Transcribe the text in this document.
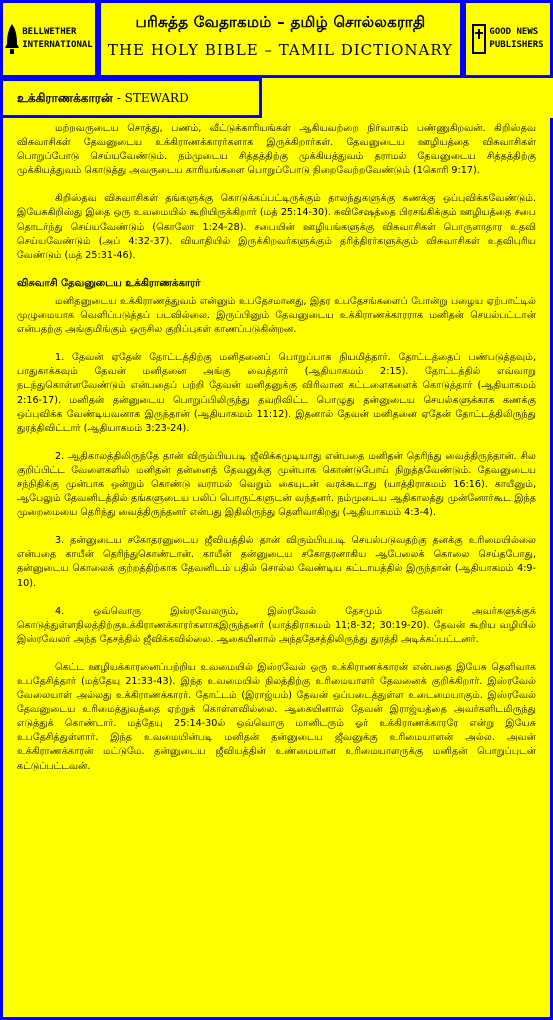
BELLWETHER
INTERNATIONAL
பரிசுத்த வேதாகமம் – தமிழ் சொல்லகராதி
THE HOLY BIBLE – TAMIL DICTIONARY
GOOD NEWS
PUBLISHERS
உக்கிராணக்காரன் - STEWARD

மற்றவருடைய சொத்து, பணம், வீட்டுக்காரியங்கள் ஆகியவற்றை நிர்வாகம் பண்ணுகிறவன். கிறிஸ்தவ விசுவாசிகள் தேவனுடைய உக்கிராணக்காரர்களாக இருக்கிறார்கள். தேவனுடைய ஊழியத்தை விசுவாசிகள் பொறுப்போடு செய்யவேண்டும். நம்முடைய சித்தத்திற்கு முக்கியத்துவம் தராமல் தேவனுடைய சித்தத்திற்கு முக்கியத்துவம் கொடுத்து அவருடைய காரியங்களை பொறுப்போடு நிறைவேற்றவேண்டும் (1கொரி 9:17).

கிறிஸ்தவ விசுவாசிகள் தங்களுக்கு கொடுக்கப்பட்டிருக்கும் தாலந்துகளுக்கு கணக்கு ஒப்புவிக்கவேண்டும். இயேசுகிறிஸ்து இதை ஒரு உவமையில் கூறியிருக்கிறார் (மத் 25:14-30). சுவிசேஷத்தை பிரசங்கிக்கும் ஊழியத்தை சபை தொடர்ந்து செய்யவேண்டும் (கொலோ 1:24-28). சபையின் ஊழியங்களுக்கு விசுவாசிகள் பொருளாதார உதவி செய்யவேண்டும் (அப் 4:32-37). வியாதியில் இருக்கிறவர்களுக்கும் தரித்திரர்களுக்கும் விசுவாசிகள் உதவிபுரிய வேண்டும் (மத் 25:31-46).

விசுவாசி தேவனுடைய உக்கிராணக்காரர்

மனிதனுடைய உக்கிராணத்துவம் என்னும் உபதேசமானது, இதர உபதேசங்களைப் போன்று பழைய ஏற்பாட்டில் முழுமையாக வெளிப்படுத்தப் படவில்லை. இருப்பினும் தேவனுடைய உக்கிராணக்காரராக மனிதன் செயல்பட்டான் என்பதற்கு அங்குமிங்கும் ஒருசில குறிப்புகள் காணப்படுகின்றன.

1. தேவன் ஏதேன் தோட்டத்திற்கு மனிதனைப் பொறுப்பாக நியமித்தார். தோட்டத்தைப் பண்படுத்தவும், பாதுகாக்கவும் தேவன் மனிதனை அங்கு வைத்தார் (ஆதியாகமம் 2:15). தோட்டத்தில் எவ்வாறு நடந்துகொள்ளவேண்டும் என்பதைப் பற்றி தேவன் மனிதனுக்கு விரிவான கட்டளைகளைக் கொடுத்தார் (ஆதியாகமம் 2:16-17). மனிதன் தன்னுடைய பொறுப்பிலிருந்து தவறிவிட்ட பொழுது தன்னுடைய செயல்களுக்காக கணக்கு ஒப்புவிக்க வேண்டியவனாக இருந்தான் (ஆதியாகமம் 11:12). இதனால் தேவன் மனிதனை ஏதேன் தோட்டத்திலிருந்து துரத்திவிட்டார் (ஆதியாகமம் 3:23-24).

2. ஆதிகாலத்திலிருந்தே தான் விரும்பியபடி ஜீவிக்கமுடியாது என்பதை மனிதன் தெரிந்து வைத்திருந்தான். சில குறிப்பிட்ட வேளைகளில் மனிதன் தன்னைத் தேவனுக்கு முன்பாக கொண்டுபோய் நிறுத்தவேண்டும். தேவனுடைய சந்நிதிக்கு முன்பாக ஒன்றும் கொண்டு வராமல் வெறும் கையுடன் வரக்கூடாது (யாத்திராகமம் 16:16). காயீனும், ஆபேலும் தேவனிடத்தில் தங்களுடைய பலிப் பொருட்களுடன் வந்தனர். நம்முடைய ஆதிகாலத்து முன்னோர்கூட இந்த முறைமையை தெரிந்து வைத்திருந்தனர் என்பது இதிலிருந்து தெளிவாகிறது (ஆதியாகமம் 4:3-4).

3. தன்னுடைய சகோதரனுடைய ஜீவியத்தில் தான் விரும்பியபடி செயல்படுவதற்கு தனக்கு உரிமையில்லை என்பதை காயீன் தெரிந்துகொண்டான். காயீன் தன்னுடைய சகோதரனாகிய ஆபேலைக் கொலை செய்தபோது, தன்னுடைய கொலைக் குற்றத்திற்காக தேவனிடம் பதில் சொல்ல வேண்டிய கட்டாயத்தில் இருந்தான் (ஆதியாகமம் 4:9-10).

4. ஒவ்வொரு இஸ்ரவேலரும், இஸ்ரவேல் தேசமும் தேவன் அவர்களுக்குக் கொடுத்துள்ளநிலத்திற்குஉக்கிராணக்காரர்களாகஇருந்தனர் (யாத்திராகமம் 11;8-32; 30:19-20). தேவன் கூறிய வழியில் இஸ்ரவேலர் அந்த தேசத்தில் ஜீவிக்கவில்லை. ஆகையினால் அந்ததேசத்திலிருந்து துரத்தி அடிக்கப்பட்டனர்.

கெட்ட ஊழியக்காரனைப்பற்றிய உவமையில் இஸ்ரவேல் ஒரு உக்கிராணக்காரன் என்பதை இயேசு தெளிவாக உபதேசித்தார் (மத்தேயு 21:33-43). இந்த உவமையில் நிலத்திற்கு உரிமையாளர் தேவனைக் குறிக்கிறார். இஸ்ரவேல் வேலையாள் அல்லது உக்கிராணக்காரர். தோட்டம் (இராஜ்யம்) தேவன் ஒப்படைத்துள்ள உடைமையாகும். இஸ்ரவேல் தேவனுடைய உரிமைத்துவத்தை ஏற்றுக் கொள்ளவில்லை. ஆகையினால் தேவன் இராஜ்யத்தை அவர்களிடமிருந்து எடுத்துக் கொண்டார். மத்தேயு 25:14-30ல் ஒவ்வொரு மானிடரும் ஓர் உக்கிராணக்காரரே என்று இயேசு உபதேசித்துள்ளார். இந்த உவமையின்படி மனிதன் தன்னுடைய ஜீவனுக்கு உரிமையாளன் அல்ல. அவன் உக்கிராணக்காரன் மட்டுமே. தன்னுடைய ஜீவியத்தின் உண்மையான உரிமையாளருக்கு மனிதன் பொறுப்புடன் கட்டுப்பட்டவன்.
